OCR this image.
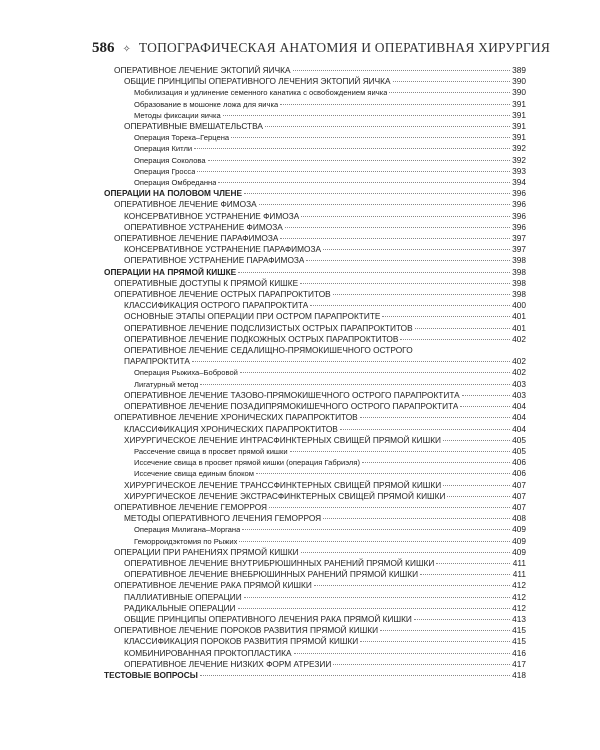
586 ✧ ТОПОГРАФИЧЕСКАЯ АНАТОМИЯ И ОПЕРАТИВНАЯ ХИРУРГИЯ
ОПЕРАТИВНОЕ ЛЕЧЕНИЕ ЭКТОПИЙ ЯИЧКА	389
ОБЩИЕ ПРИНЦИПЫ ОПЕРАТИВНОГО ЛЕЧЕНИЯ ЭКТОПИЙ ЯИЧКА	390
Мобилизация и удлинение семенного канатика с освобождением яичка	390
Образование в мошонке ложа для яичка	391
Методы фиксации яичка	391
ОПЕРАТИВНЫЕ ВМЕШАТЕЛЬСТВА	391
Операция Торека–Герцена	391
Операция Китли	392
Операция Соколова	392
Операция Гросса	393
Операция Омбреданна	394
ОПЕРАЦИИ НА ПОЛОВОМ ЧЛЕНЕ	396
ОПЕРАТИВНОЕ ЛЕЧЕНИЕ ФИМОЗА	396
КОНСЕРВАТИВНОЕ УСТРАНЕНИЕ ФИМОЗА	396
ОПЕРАТИВНОЕ УСТРАНЕНИЕ ФИМОЗА	396
ОПЕРАТИВНОЕ ЛЕЧЕНИЕ ПАРАФИМОЗА	397
КОНСЕРВАТИВНОЕ УСТРАНЕНИЕ ПАРАФИМОЗА	397
ОПЕРАТИВНОЕ УСТРАНЕНИЕ ПАРАФИМОЗА	398
ОПЕРАЦИИ НА ПРЯМОЙ КИШКЕ	398
ОПЕРАТИВНЫЕ ДОСТУПЫ К ПРЯМОЙ КИШКЕ	398
ОПЕРАТИВНОЕ ЛЕЧЕНИЕ ОСТРЫХ ПАРАПРОКТИТОВ	398
КЛАССИФИКАЦИЯ ОСТРОГО ПАРАПРОКТИТА	400
ОСНОВНЫЕ ЭТАПЫ ОПЕРАЦИИ ПРИ ОСТРОМ ПАРАПРОКТИТЕ	401
ОПЕРАТИВНОЕ ЛЕЧЕНИЕ ПОДСЛИЗИСТЫХ ОСТРЫХ ПАРАПРОКТИТОВ	401
ОПЕРАТИВНОЕ ЛЕЧЕНИЕ ПОДКОЖНЫХ ОСТРЫХ ПАРАПРОКТИТОВ	402
ОПЕРАТИВНОЕ ЛЕЧЕНИЕ СЕДАЛИЩНО-ПРЯМОКИШЕЧНОГО ОСТРОГО
ПАРАПРОКТИТА	402
Операция Рыжиха–Бобровой	402
Лигатурный метод	403
ОПЕРАТИВНОЕ ЛЕЧЕНИЕ ТАЗОВО-ПРЯМОКИШЕЧНОГО ОСТРОГО ПАРАПРОКТИТА	403
ОПЕРАТИВНОЕ ЛЕЧЕНИЕ ПОЗАДИПРЯМОКИШЕЧНОГО ОСТРОГО ПАРАПРОКТИТА	404
ОПЕРАТИВНОЕ ЛЕЧЕНИЕ ХРОНИЧЕСКИХ ПАРАПРОКТИТОВ	404
КЛАССИФИКАЦИЯ ХРОНИЧЕСКИХ ПАРАПРОКТИТОВ	404
ХИРУРГИЧЕСКОЕ ЛЕЧЕНИЕ ИНТРАСФИНКТЕРНЫХ СВИЩЕЙ ПРЯМОЙ КИШКИ	405
Рассечение свища в просвет прямой кишки	405
Иссечение свища в просвет прямой кишки (операция Габриэля)	406
Иссечение свища единым блоком	406
ХИРУРГИЧЕСКОЕ ЛЕЧЕНИЕ ТРАНССФИНКТЕРНЫХ СВИЩЕЙ ПРЯМОЙ КИШКИ	407
ХИРУРГИЧЕСКОЕ ЛЕЧЕНИЕ ЭКСТРАСФИНКТЕРНЫХ СВИЩЕЙ ПРЯМОЙ КИШКИ	407
ОПЕРАТИВНОЕ ЛЕЧЕНИЕ ГЕМОРРОЯ	407
МЕТОДЫ ОПЕРАТИВНОГО ЛЕЧЕНИЯ ГЕМОРРОЯ	408
Операция Милигана–Моргана	409
Геморроидэктомия по Рыжих	409
ОПЕРАЦИИ ПРИ РАНЕНИЯХ ПРЯМОЙ КИШКИ	409
ОПЕРАТИВНОЕ ЛЕЧЕНИЕ ВНУТРИБРЮШИННЫХ РАНЕНИЙ ПРЯМОЙ КИШКИ	411
ОПЕРАТИВНОЕ ЛЕЧЕНИЕ ВНЕБРЮШИННЫХ РАНЕНИЙ ПРЯМОЙ КИШКИ	411
ОПЕРАТИВНОЕ ЛЕЧЕНИЕ РАКА ПРЯМОЙ КИШКИ	412
ПАЛЛИАТИВНЫЕ ОПЕРАЦИИ	412
РАДИКАЛЬНЫЕ ОПЕРАЦИИ	412
ОБЩИЕ ПРИНЦИПЫ ОПЕРАТИВНОГО ЛЕЧЕНИЯ РАКА ПРЯМОЙ КИШКИ	413
ОПЕРАТИВНОЕ ЛЕЧЕНИЕ ПОРОКОВ РАЗВИТИЯ ПРЯМОЙ КИШКИ	415
КЛАССИФИКАЦИЯ ПОРОКОВ РАЗВИТИЯ ПРЯМОЙ КИШКИ	415
КОМБИНИРОВАННАЯ ПРОКТОПЛАСТИКА	416
ОПЕРАТИВНОЕ ЛЕЧЕНИЕ НИЗКИХ ФОРМ АТРЕЗИИ	417
ТЕСТОВЫЕ ВОПРОСЫ	418
